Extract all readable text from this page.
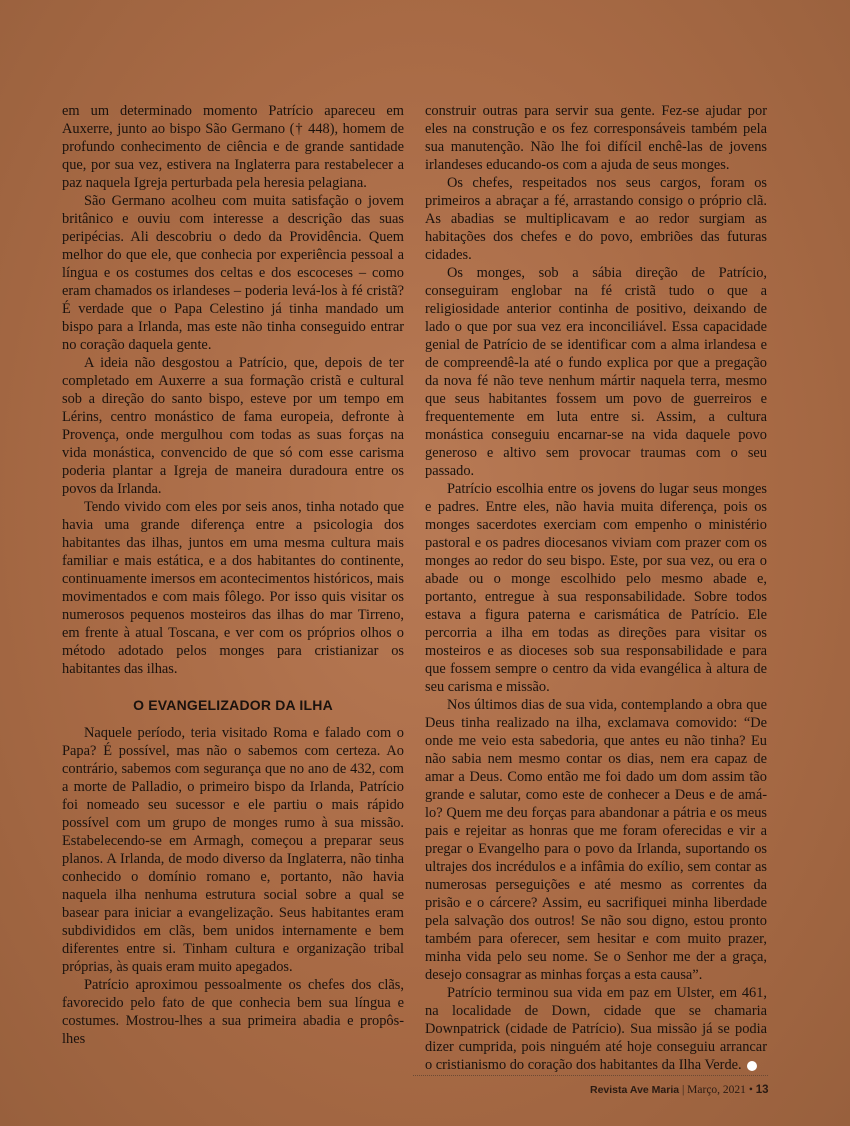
em um determinado momento Patrício apareceu em Auxerre, junto ao bispo São Germano († 448), homem de profundo conhecimento de ciência e de grande santidade que, por sua vez, estivera na Inglaterra para restabelecer a paz naquela Igreja perturbada pela heresia pelagiana.

São Germano acolheu com muita satisfação o jovem britânico e ouviu com interesse a descrição das suas peripécias. Ali descobriu o dedo da Providência. Quem melhor do que ele, que conhecia por experiência pessoal a língua e os costumes dos celtas e dos escoceses – como eram chamados os irlandeses – poderia levá-los à fé cristã? É verdade que o Papa Celestino já tinha mandado um bispo para a Irlanda, mas este não tinha conseguido entrar no coração daquela gente.

A ideia não desgostou a Patrício, que, depois de ter completado em Auxerre a sua formação cristã e cultural sob a direção do santo bispo, esteve por um tempo em Lérins, centro monástico de fama europeia, defronte à Provença, onde mergulhou com todas as suas forças na vida monástica, convencido de que só com esse carisma poderia plantar a Igreja de maneira duradoura entre os povos da Irlanda.

Tendo vivido com eles por seis anos, tinha notado que havia uma grande diferença entre a psicologia dos habitantes das ilhas, juntos em uma mesma cultura mais familiar e mais estática, e a dos habitantes do continente, continuamente imersos em acontecimentos históricos, mais movimentados e com mais fôlego. Por isso quis visitar os numerosos pequenos mosteiros das ilhas do mar Tirreno, em frente à atual Toscana, e ver com os próprios olhos o método adotado pelos monges para cristianizar os habitantes das ilhas.

O EVANGELIZADOR DA ILHA

Naquele período, teria visitado Roma e falado com o Papa? É possível, mas não o sabemos com certeza. Ao contrário, sabemos com segurança que no ano de 432, com a morte de Palladio, o primeiro bispo da Irlanda, Patrício foi nomeado seu sucessor e ele partiu o mais rápido possível com um grupo de monges rumo à sua missão. Estabelecendo-se em Armagh, começou a preparar seus planos. A Irlanda, de modo diverso da Inglaterra, não tinha conhecido o domínio romano e, portanto, não havia naquela ilha nenhuma estrutura social sobre a qual se basear para iniciar a evangelização. Seus habitantes eram subdivididos em clãs, bem unidos internamente e bem diferentes entre si. Tinham cultura e organização tribal próprias, às quais eram muito apegados.

Patrício aproximou pessoalmente os chefes dos clãs, favorecido pelo fato de que conhecia bem sua língua e costumes. Mostrou-lhes a sua primeira abadia e propôs-lhes

construir outras para servir sua gente. Fez-se ajudar por eles na construção e os fez corresponsáveis também pela sua manutenção. Não lhe foi difícil enchê-las de jovens irlandeses educando-os com a ajuda de seus monges.

Os chefes, respeitados nos seus cargos, foram os primeiros a abraçar a fé, arrastando consigo o próprio clã. As abadias se multiplicavam e ao redor surgiam as habitações dos chefes e do povo, embriões das futuras cidades.

Os monges, sob a sábia direção de Patrício, conseguiram englobar na fé cristã tudo o que a religiosidade anterior continha de positivo, deixando de lado o que por sua vez era inconciliável. Essa capacidade genial de Patrício de se identificar com a alma irlandesa e de compreendê-la até o fundo explica por que a pregação da nova fé não teve nenhum mártir naquela terra, mesmo que seus habitantes fossem um povo de guerreiros e frequentemente em luta entre si. Assim, a cultura monástica conseguiu encarnar-se na vida daquele povo generoso e altivo sem provocar traumas com o seu passado.

Patrício escolhia entre os jovens do lugar seus monges e padres. Entre eles, não havia muita diferença, pois os monges sacerdotes exerciam com empenho o ministério pastoral e os padres diocesanos viviam com prazer com os monges ao redor do seu bispo. Este, por sua vez, ou era o abade ou o monge escolhido pelo mesmo abade e, portanto, entregue à sua responsabilidade. Sobre todos estava a figura paterna e carismática de Patrício. Ele percorria a ilha em todas as direções para visitar os mosteiros e as dioceses sob sua responsabilidade e para que fossem sempre o centro da vida evangélica à altura de seu carisma e missão.

Nos últimos dias de sua vida, contemplando a obra que Deus tinha realizado na ilha, exclamava comovido: “De onde me veio esta sabedoria, que antes eu não tinha? Eu não sabia nem mesmo contar os dias, nem era capaz de amar a Deus. Como então me foi dado um dom assim tão grande e salutar, como este de conhecer a Deus e de amá-lo? Quem me deu forças para abandonar a pátria e os meus pais e rejeitar as honras que me foram oferecidas e vir a pregar o Evangelho para o povo da Irlanda, suportando os ultrajes dos incrédulos e a infâmia do exílio, sem contar as numerosas perseguições e até mesmo as correntes da prisão e o cárcere? Assim, eu sacrifiquei minha liberdade pela salvação dos outros! Se não sou digno, estou pronto também para oferecer, sem hesitar e com muito prazer, minha vida pelo seu nome. Se o Senhor me der a graça, desejo consagrar as minhas forças a esta causa”.

Patrício terminou sua vida em paz em Ulster, em 461, na localidade de Down, cidade que se chamaria Downpatrick (cidade de Patrício). Sua missão já se podia dizer cumprida, pois ninguém até hoje conseguiu arrancar o cristianismo do coração dos habitantes da Ilha Verde.

Revista Ave Maria | Março, 2021 • 13
